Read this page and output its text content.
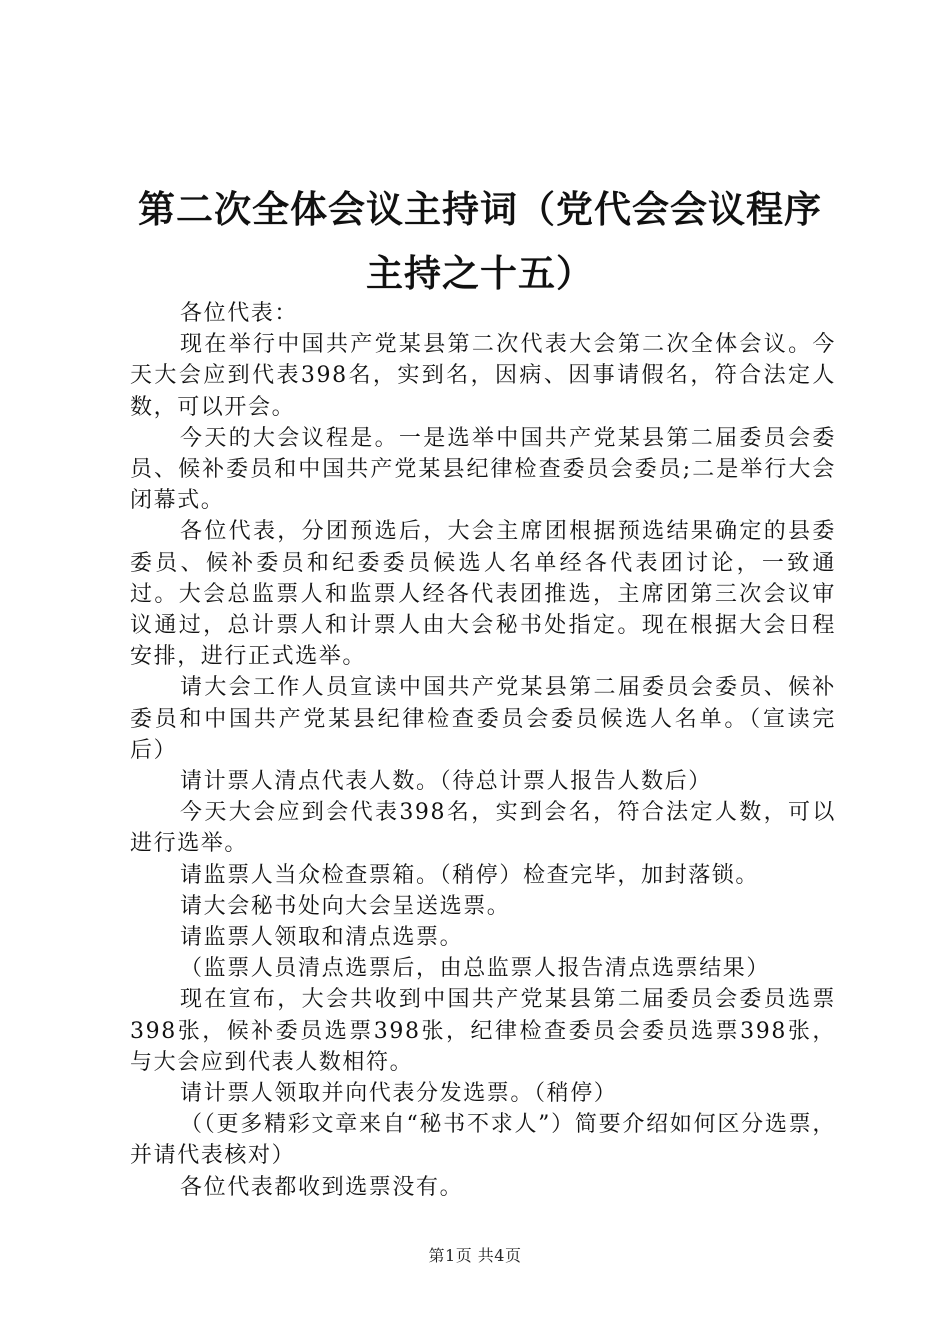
第二次全体会议主持词（党代会会议程序主持之十五）

各位代表：

现在举行中国共产党某县第二次代表大会第二次全体会议。今天大会应到代表398名，实到名，因病、因事请假名，符合法定人数，可以开会。

今天的大会议程是。一是选举中国共产党某县第二届委员会委员、候补委员和中国共产党某县纪律检查委员会委员;二是举行大会闭幕式。

各位代表，分团预选后，大会主席团根据预选结果确定的县委委员、候补委员和纪委委员候选人名单经各代表团讨论，一致通过。大会总监票人和监票人经各代表团推选，主席团第三次会议审议通过，总计票人和计票人由大会秘书处指定。现在根据大会日程安排，进行正式选举。

请大会工作人员宣读中国共产党某县第二届委员会委员、候补委员和中国共产党某县纪律检查委员会委员候选人名单。（宣读完后）

请计票人清点代表人数。（待总计票人报告人数后）

今天大会应到会代表398名，实到会名，符合法定人数，可以进行选举。

请监票人当众检查票箱。（稍停）检查完毕，加封落锁。

请大会秘书处向大会呈送选票。

请监票人领取和清点选票。

（监票人员清点选票后，由总监票人报告清点选票结果）

现在宣布，大会共收到中国共产党某县第二届委员会委员选票398张，候补委员选票398张，纪律检查委员会委员选票398张，与大会应到代表人数相符。

请计票人领取并向代表分发选票。（稍停）

（（更多精彩文章来自“秘书不求人”）简要介绍如何区分选票，并请代表核对）

各位代表都收到选票没有。

第1页 共4页
